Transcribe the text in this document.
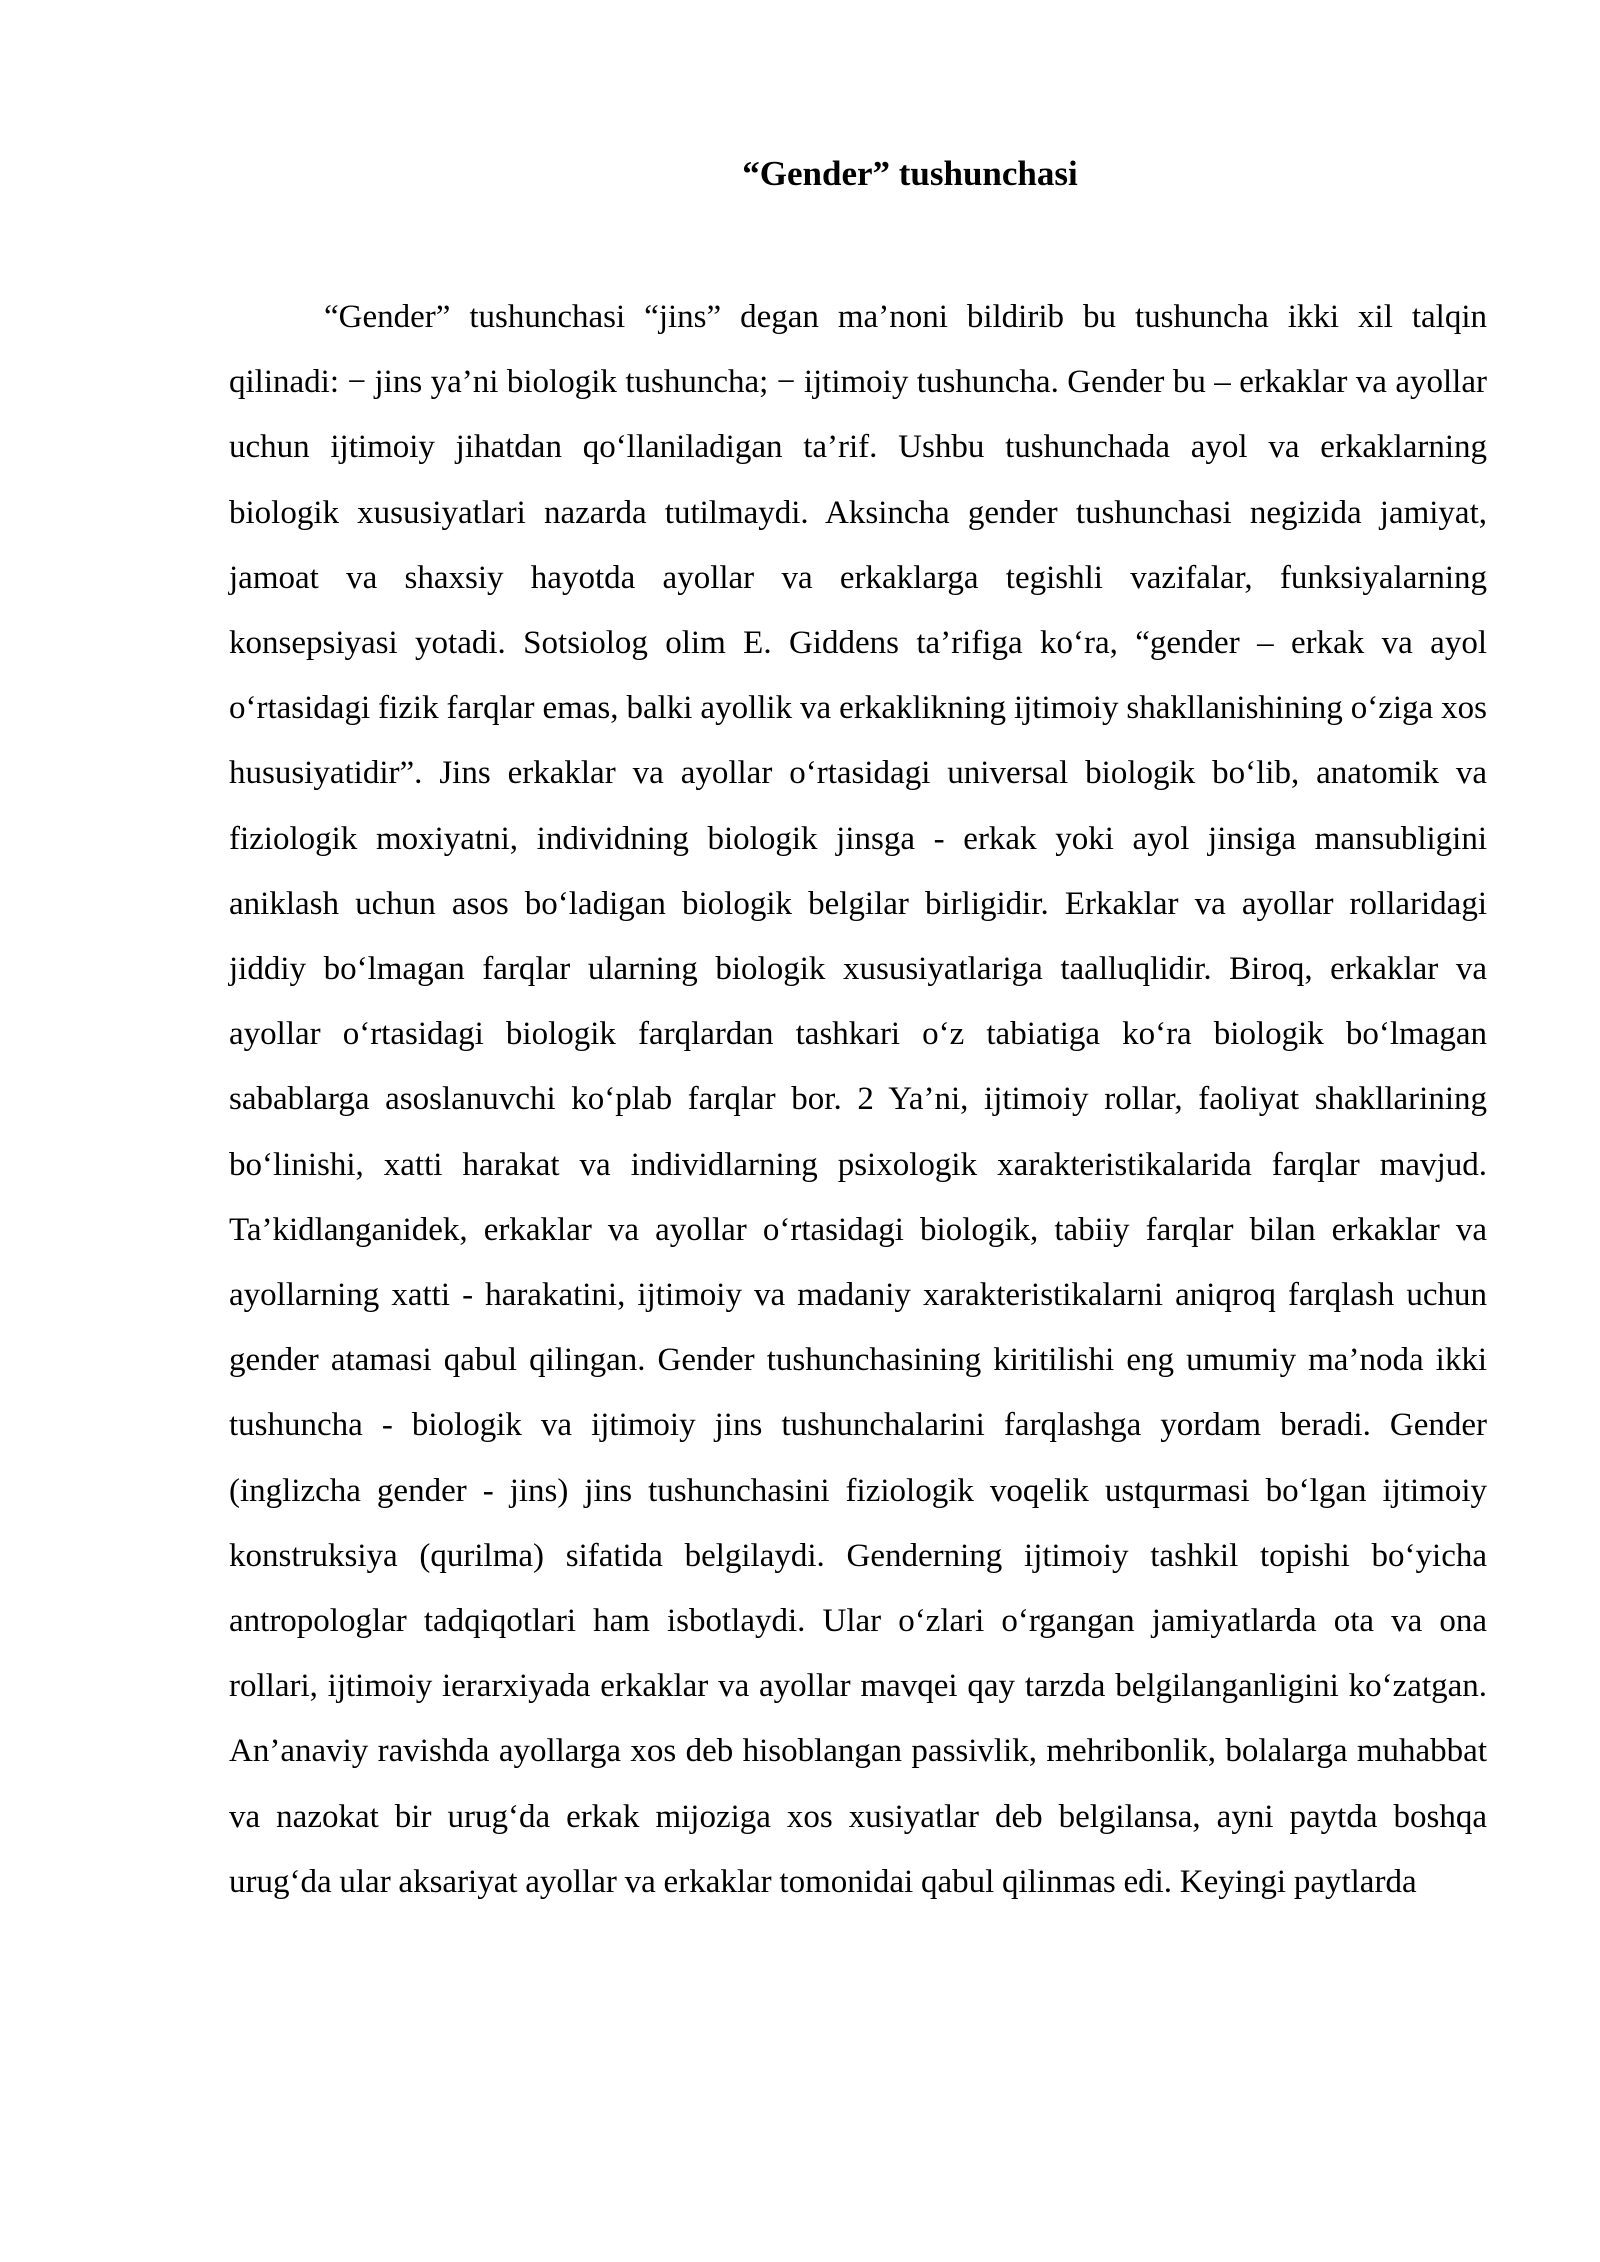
“Gender” tushunchasi

“Gender” tushunchasi “jins” degan ma’noni bildirib bu tushuncha ikki xil talqin qilinadi: − jins ya’ni biologik tushuncha; − ijtimoiy tushuncha. Gender bu – erkaklar va ayollar uchun ijtimoiy jihatdan qo‘llaniladigan ta’rif. Ushbu tushunchada ayol va erkaklarning biologik xususiyatlari nazarda tutilmaydi. Aksincha gender tushunchasi negizida jamiyat, jamoat va shaxsiy hayotda ayollar va erkaklarga tegishli vazifalar, funksiyalarning konsepsiyasi yotadi. Sotsiolog olim E. Giddens ta’rifiga ko‘ra, “gender – erkak va ayol o‘rtasidagi fizik farqlar emas, balki ayollik va erkaklikning ijtimoiy shakllanishining o‘ziga xos hususiyatidir”. Jins erkaklar va ayollar o‘rtasidagi universal biologik bo‘lib, anatomik va fiziologik moxiyatni, individning biologik jinsga - erkak yoki ayol jinsiga mansubligini aniklash uchun asos bo‘ladigan biologik belgilar birligidir. Erkaklar va ayollar rollaridagi jiddiy bo‘lmagan farqlar ularning biologik xususiyatlariga taalluqlidir. Biroq, erkaklar va ayollar o‘rtasidagi biologik farqlardan tashkari o‘z tabiatiga ko‘ra biologik bo‘lmagan sabablarga asoslanuvchi ko‘plab farqlar bor. 2 Ya’ni, ijtimoiy rollar, faoliyat shakllarining bo‘linishi, xatti harakat va individlarning psixologik xarakteristikalarida farqlar mavjud. Ta’kidlanganidek, erkaklar va ayollar o‘rtasidagi biologik, tabiiy farqlar bilan erkaklar va ayollarning xatti - harakatini, ijtimoiy va madaniy xarakteristikalarni aniqroq farqlash uchun gender atamasi qabul qilingan. Gender tushunchasining kiritilishi eng umumiy ma’noda ikki tushuncha - biologik va ijtimoiy jins tushunchalarini farqlashga yordam beradi. Gender (inglizcha gender - jins) jins tushunchasini fiziologik voqelik ustqurmasi bo‘lgan ijtimoiy konstruksiya (qurilma) sifatida belgilaydi. Genderning ijtimoiy tashkil topishi bo‘yicha antropologlar tadqiqotlari ham isbotlaydi. Ular o‘zlari o‘rgangan jamiyatlarda ota va ona rollari, ijtimoiy ierarxiyada erkaklar va ayollar mavqei qay tarzda belgilanganligini ko‘zatgan. An’anaviy ravishda ayollarga xos deb hisoblangan passivlik, mehribonlik, bolalarga muhabbat va nazokat bir urug‘da erkak mijoziga xos xusiyatlar deb belgilansa, ayni paytda boshqa urug‘da ular aksariyat ayollar va erkaklar tomonidai qabul qilinmas edi. Keyingi paytlarda
